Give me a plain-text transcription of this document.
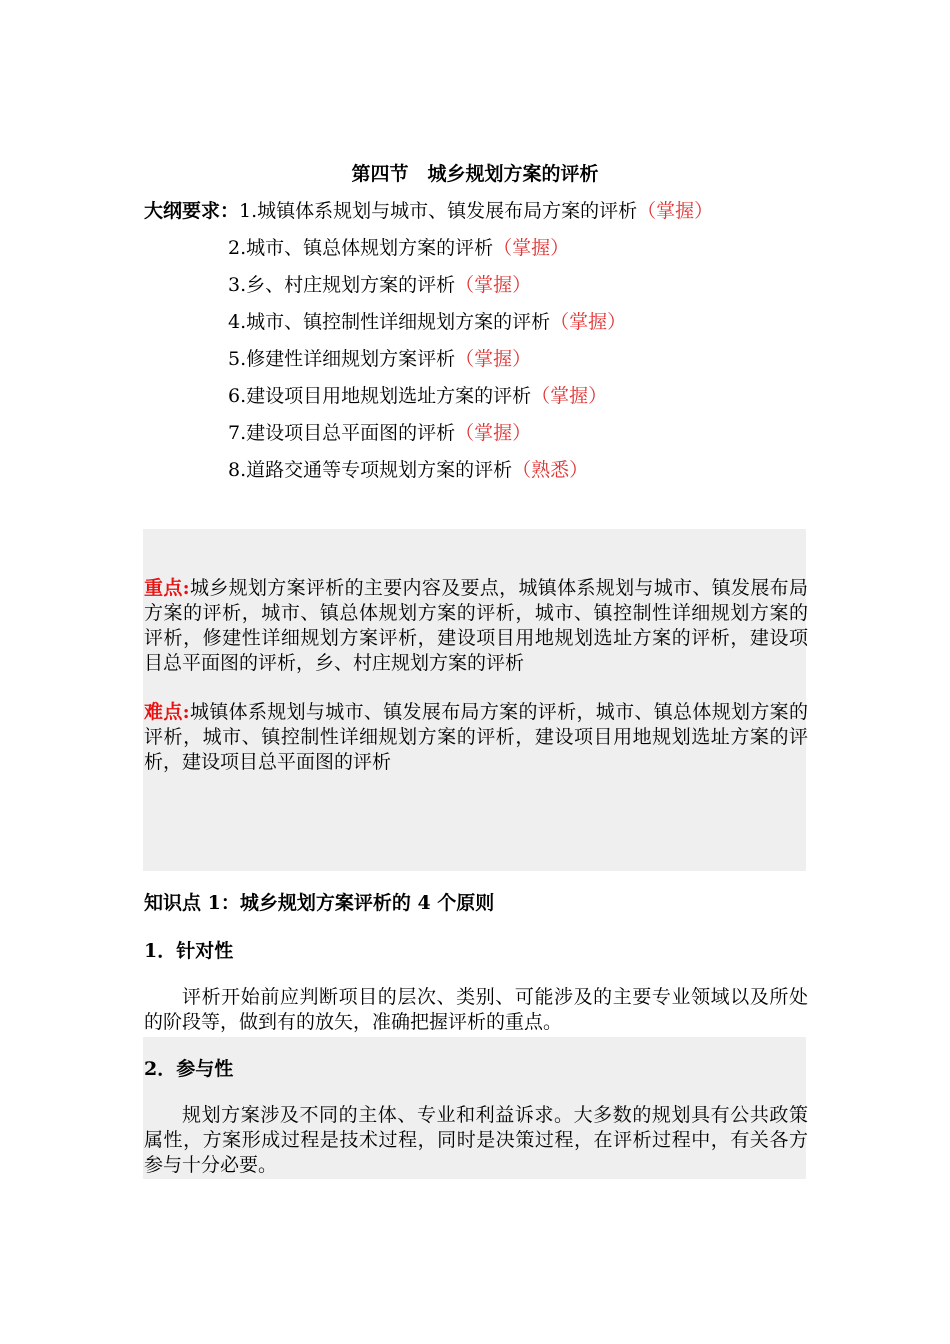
第四节　城乡规划方案的评析
大纲要求：1.城镇体系规划与城市、镇发展布局方案的评析（掌握）
2.城市、镇总体规划方案的评析（掌握）
3.乡、村庄规划方案的评析（掌握）
4.城市、镇控制性详细规划方案的评析（掌握）
5.修建性详细规划方案评析（掌握）
6.建设项目用地规划选址方案的评析（掌握）
7.建设项目总平面图的评析（掌握）
8.道路交通等专项规划方案的评析（熟悉）
重点:城乡规划方案评析的主要内容及要点，城镇体系规划与城市、镇发展布局方案的评析，城市、镇总体规划方案的评析，城市、镇控制性详细规划方案的评析，修建性详细规划方案评析，建设项目用地规划选址方案的评析，建设项目总平面图的评析，乡、村庄规划方案的评析
难点:城镇体系规划与城市、镇发展布局方案的评析，城市、镇总体规划方案的评析，城市、镇控制性详细规划方案的评析，建设项目用地规划选址方案的评析，建设项目总平面图的评析
知识点 1：城乡规划方案评析的 4 个原则
1．针对性
评析开始前应判断项目的层次、类别、可能涉及的主要专业领域以及所处的阶段等，做到有的放矢，准确把握评析的重点。
2．参与性
规划方案涉及不同的主体、专业和利益诉求。大多数的规划具有公共政策属性，方案形成过程是技术过程，同时是决策过程，在评析过程中，有关各方参与十分必要。
